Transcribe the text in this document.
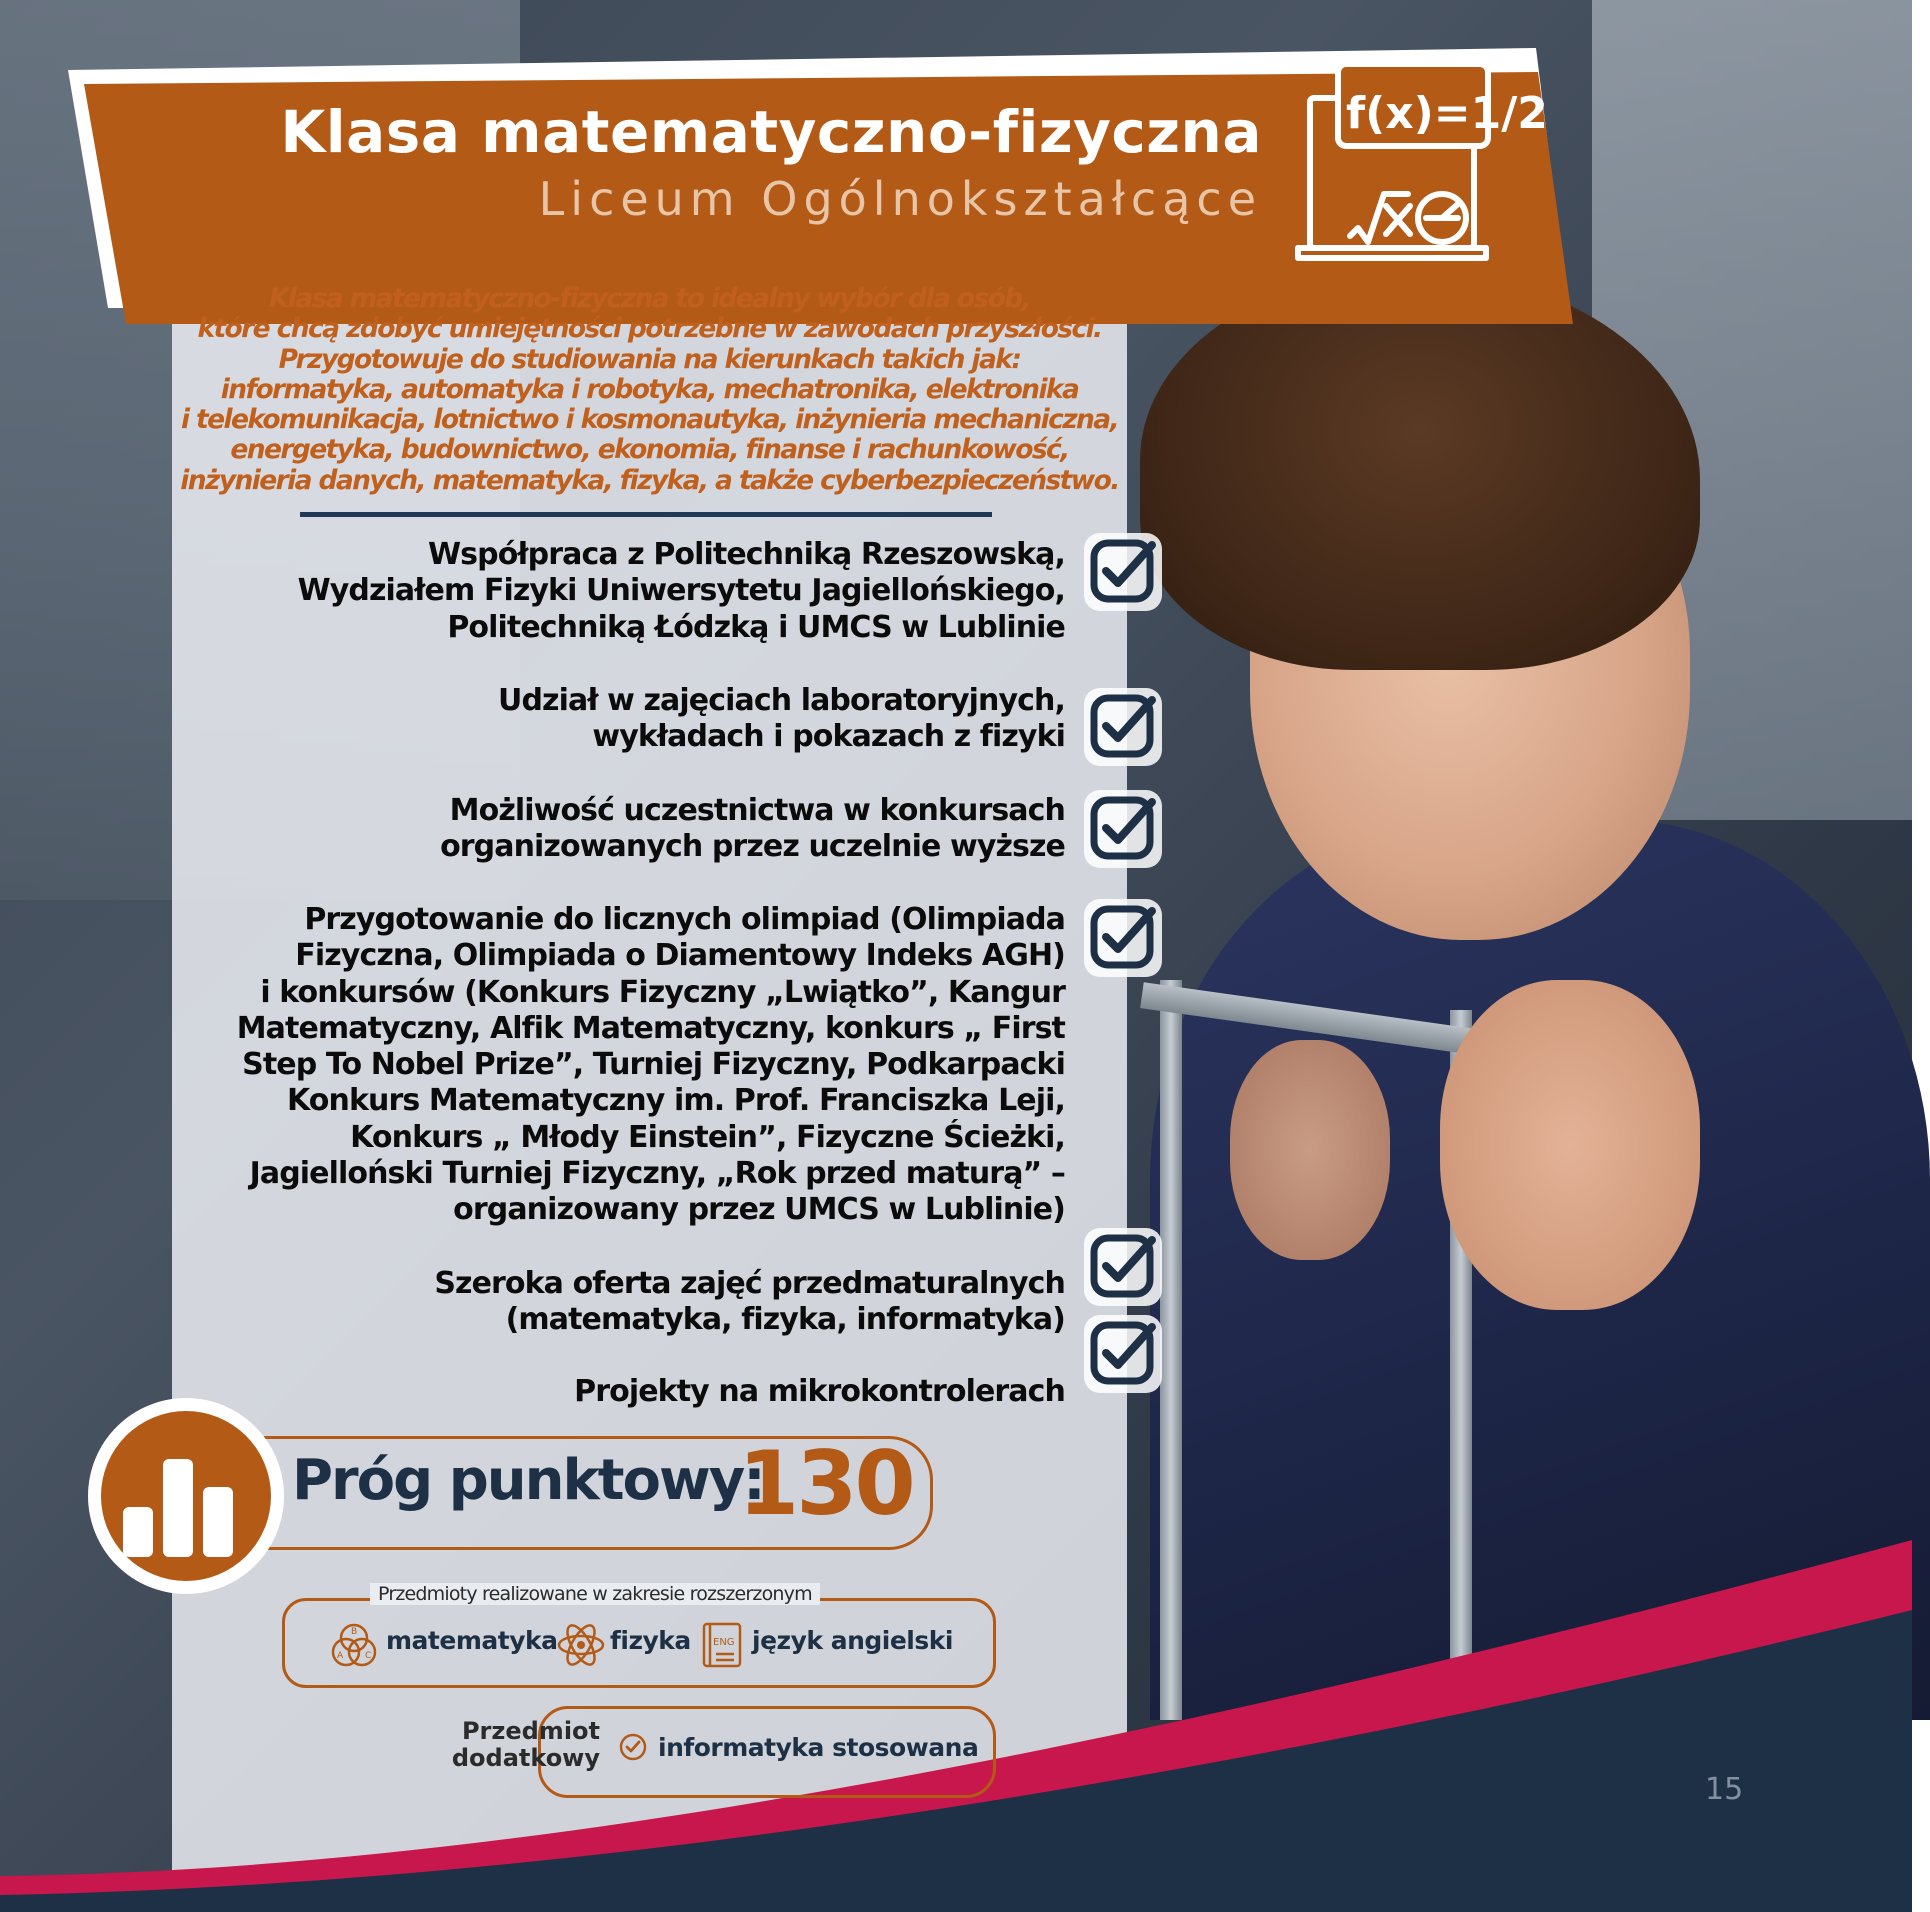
Klasa matematyczno-fizyczna
Liceum Ogólnokształcące
f(x)=1/2
Klasa matematyczno-fizyczna to idealny wybór dla osób,
które chcą zdobyć umiejętności potrzebne w zawodach przyszłości.
Przygotowuje do studiowania na kierunkach takich jak:
informatyka, automatyka i robotyka, mechatronika, elektronika
i telekomunikacja, lotnictwo i kosmonautyka, inżynieria mechaniczna,
energetyka, budownictwo, ekonomia, finanse i rachunkowość,
inżynieria danych, matematyka, fizyka, a także cyberbezpieczeństwo.
Współpraca z Politechniką Rzeszowską,
Wydziałem Fizyki Uniwersytetu Jagiellońskiego,
Politechniką Łódzką i UMCS w Lublinie
Udział w zajęciach laboratoryjnych,
wykładach i pokazach z fizyki
Możliwość uczestnictwa w konkursach
organizowanych przez uczelnie wyższe
Przygotowanie do licznych olimpiad (Olimpiada
Fizyczna, Olimpiada o Diamentowy Indeks AGH)
i konkursów (Konkurs Fizyczny „Lwiątko”, Kangur
Matematyczny, Alfik Matematyczny, konkurs „ First
Step To Nobel Prize”, Turniej Fizyczny, Podkarpacki
Konkurs Matematyczny im. Prof. Franciszka Leji,
Konkurs „ Młody Einstein”, Fizyczne Ścieżki,
Jagielloński Turniej Fizyczny, „Rok przed maturą” –
organizowany przez UMCS w Lublinie)
Szeroka oferta zajęć przedmaturalnych
(matematyka, fizyka, informatyka)
Projekty na mikrokontrolerach
Próg punktowy:
130
Przedmioty realizowane w zakresie rozszerzonym
B
A C
matematyka fizyka ENG język angielski
Przedmiot
dodatkowy informatyka stosowana
15
